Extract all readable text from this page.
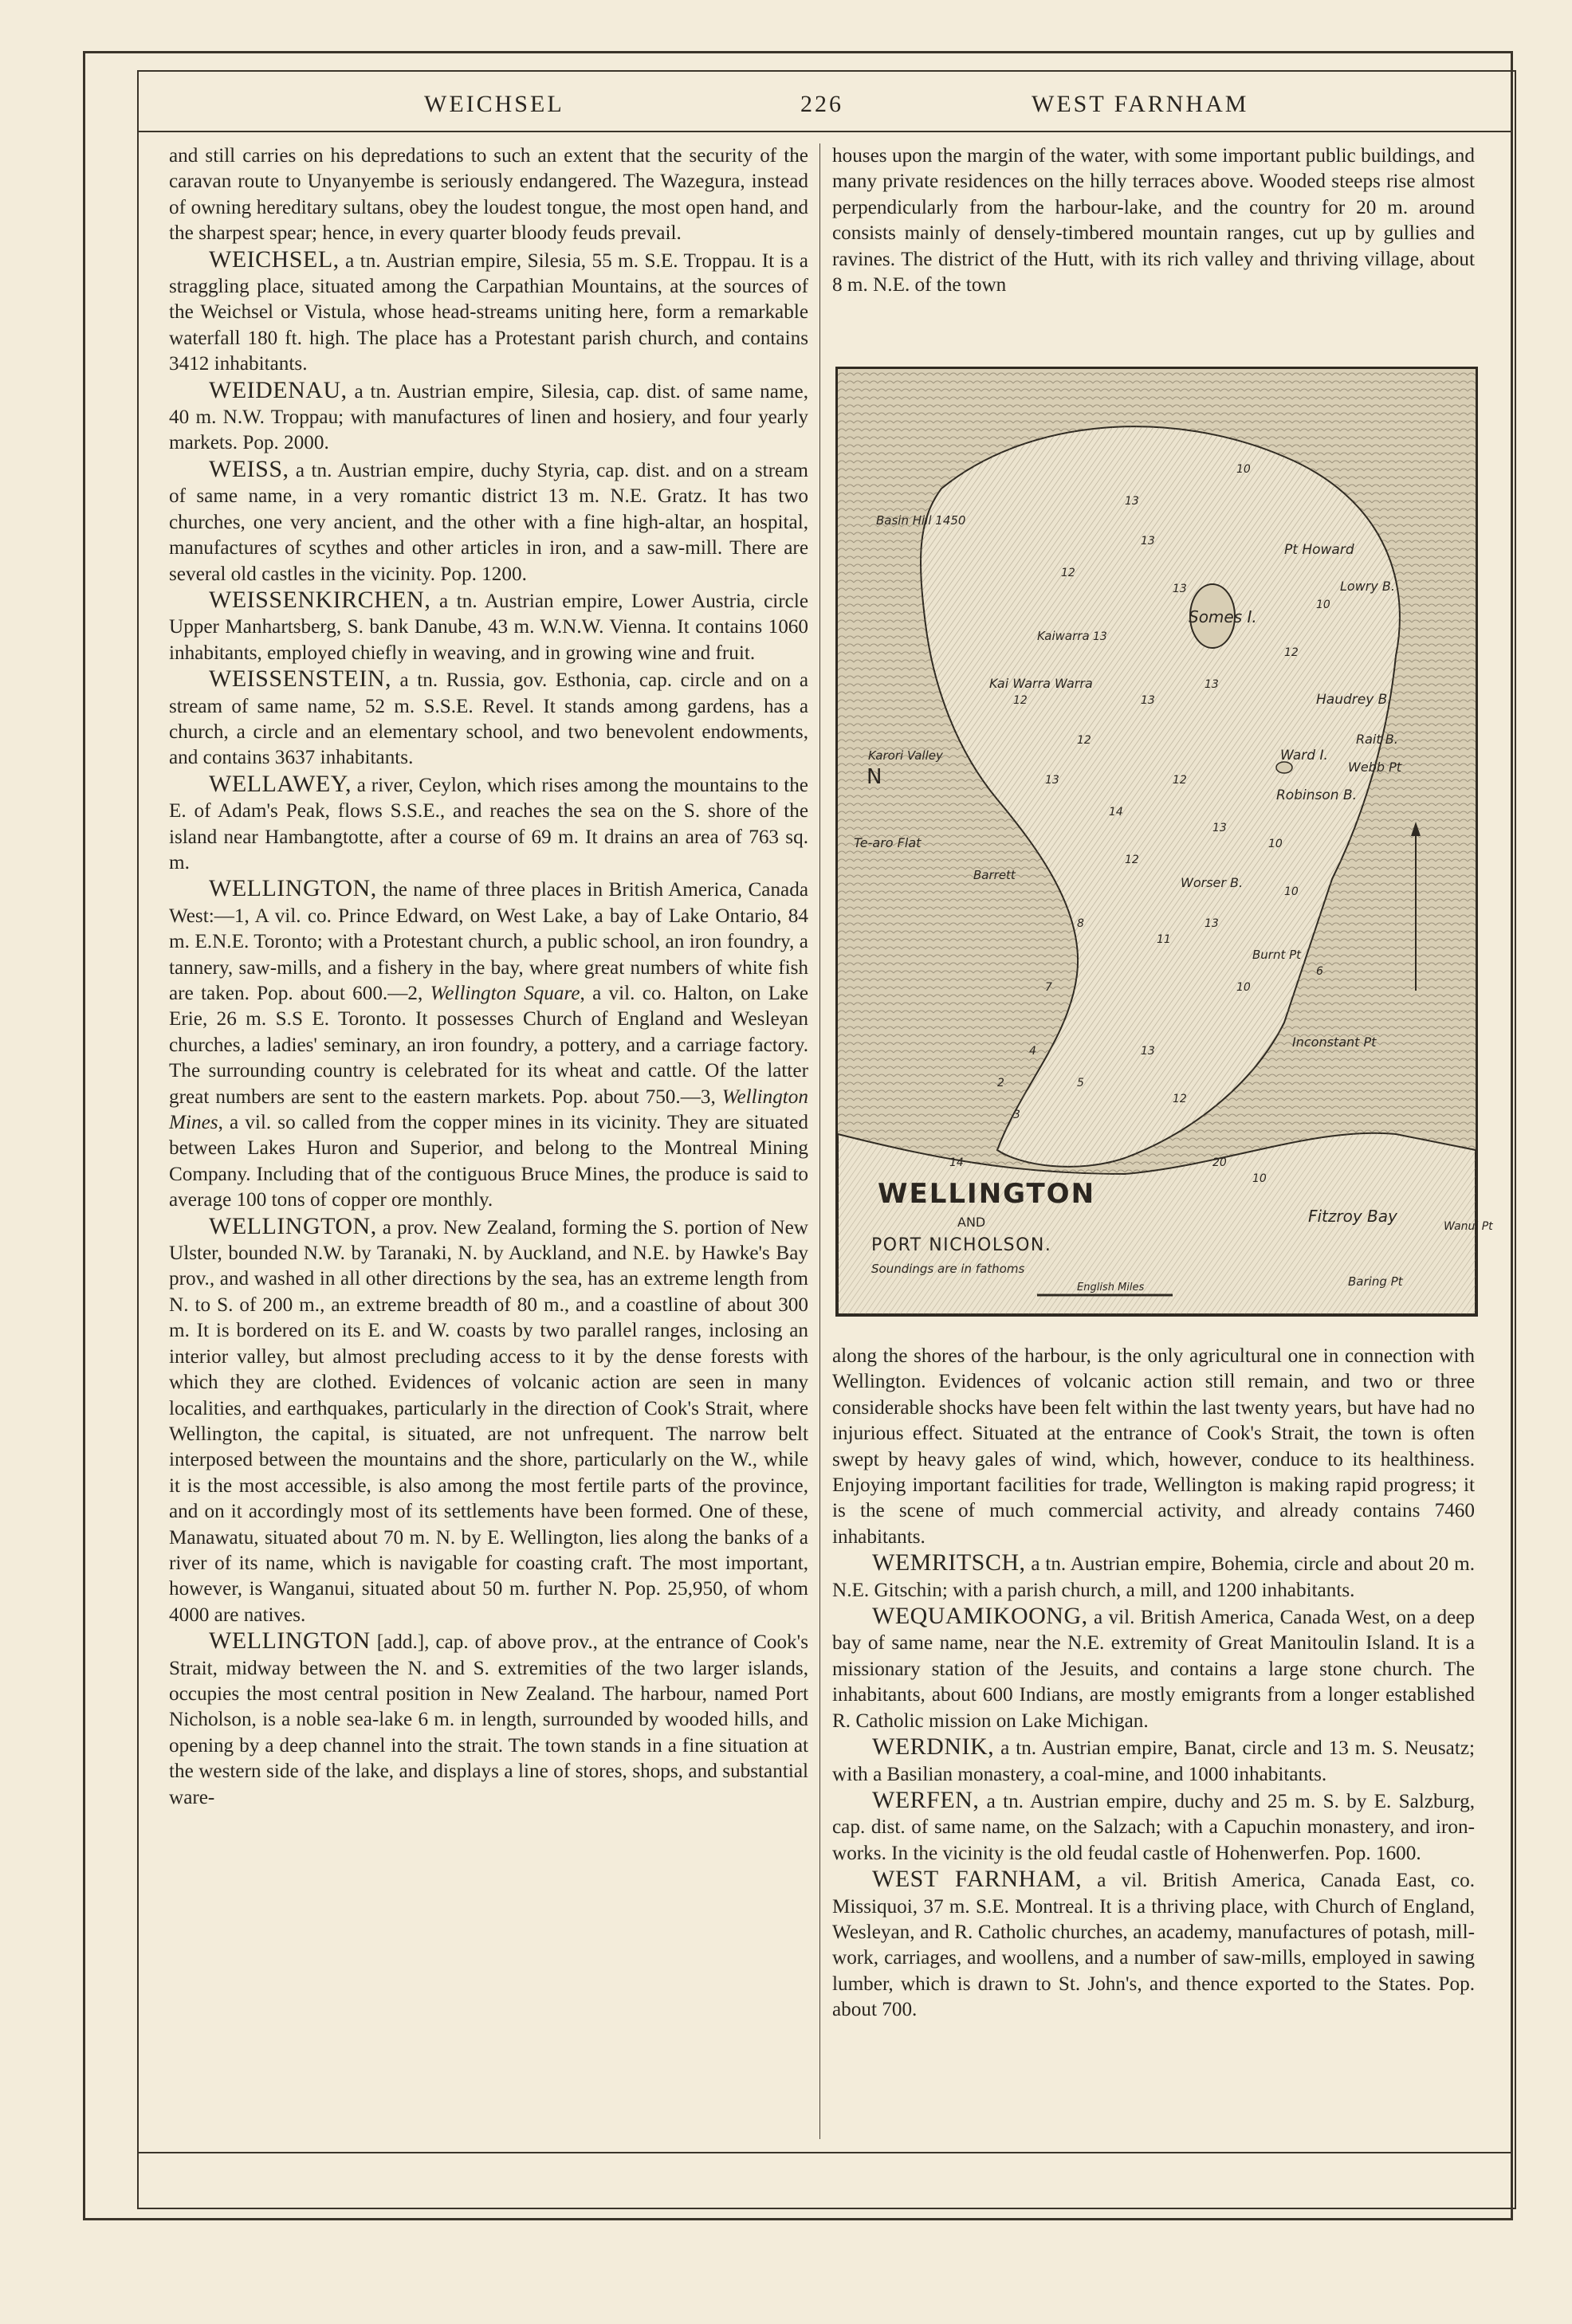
WEICHSEL	226	WEST FARNHAM

and still carries on his depredations to such an extent that the security of the caravan route to Unyanyembe is seriously endangered. The Wazegura, instead of owning hereditary sultans, obey the loudest tongue, the most open hand, and the sharpest spear; hence, in every quarter bloody feuds prevail.

WEICHSEL, a tn. Austrian empire, Silesia, 55 m. S.E. Troppau. It is a straggling place, situated among the Carpathian Mountains, at the sources of the Weichsel or Vistula, whose head-streams uniting here, form a remarkable waterfall 180 ft. high. The place has a Protestant parish church, and contains 3412 inhabitants.

WEIDENAU, a tn. Austrian empire, Silesia, cap. dist. of same name, 40 m. N.W. Troppau; with manufactures of linen and hosiery, and four yearly markets. Pop. 2000.

WEISS, a tn. Austrian empire, duchy Styria, cap. dist. and on a stream of same name, in a very romantic district 13 m. N.E. Gratz. It has two churches, one very ancient, and the other with a fine high-altar, an hospital, manufactures of scythes and other articles in iron, and a saw-mill. There are several old castles in the vicinity. Pop. 1200.

WEISSENKIRCHEN, a tn. Austrian empire, Lower Austria, circle Upper Manhartsberg, S. bank Danube, 43 m. W.N.W. Vienna. It contains 1060 inhabitants, employed chiefly in weaving, and in growing wine and fruit.

WEISSENSTEIN, a tn. Russia, gov. Esthonia, cap. circle and on a stream of same name, 52 m. S.S.E. Revel. It stands among gardens, has a church, a circle and an elementary school, and two benevolent endowments, and contains 3637 inhabitants.

WELLAWEY, a river, Ceylon, which rises among the mountains to the E. of Adam's Peak, flows S.S.E., and reaches the sea on the S. shore of the island near Hambangtotte, after a course of 69 m. It drains an area of 763 sq. m.

WELLINGTON, the name of three places in British America, Canada West:—1, A vil. co. Prince Edward, on West Lake, a bay of Lake Ontario, 84 m. E.N.E. Toronto; with a Protestant church, a public school, an iron foundry, a tannery, saw-mills, and a fishery in the bay, where great numbers of white fish are taken. Pop. about 600.—2, Wellington Square, a vil. co. Halton, on Lake Erie, 26 m. S.S E. Toronto. It possesses Church of England and Wesleyan churches, a ladies' seminary, an iron foundry, a pottery, and a carriage factory. The surrounding country is celebrated for its wheat and cattle. Of the latter great numbers are sent to the eastern markets. Pop. about 750.—3, Wellington Mines, a vil. so called from the copper mines in its vicinity. They are situated between Lakes Huron and Superior, and belong to the Montreal Mining Company. Including that of the contiguous Bruce Mines, the produce is said to average 100 tons of copper ore monthly.

WELLINGTON, a prov. New Zealand, forming the S. portion of New Ulster, bounded N.W. by Taranaki, N. by Auckland, and N.E. by Hawke's Bay prov., and washed in all other directions by the sea, has an extreme length from N. to S. of 200 m., an extreme breadth of 80 m., and a coastline of about 300 m. It is bordered on its E. and W. coasts by two parallel ranges, inclosing an interior valley, but almost precluding access to it by the dense forests with which they are clothed. Evidences of volcanic action are seen in many localities, and earthquakes, particularly in the direction of Cook's Strait, where Wellington, the capital, is situated, are not unfrequent. The narrow belt interposed between the mountains and the shore, particularly on the W., while it is the most accessible, is also among the most fertile parts of the province, and on it accordingly most of its settlements have been formed. One of these, Manawatu, situated about 70 m. N. by E. Wellington, lies along the banks of a river of its name, which is navigable for coasting craft. The most important, however, is Wanganui, situated about 50 m. further N. Pop. 25,950, of whom 4000 are natives.

WELLINGTON [add.], cap. of above prov., at the entrance of Cook's Strait, midway between the N. and S. extremities of the two larger islands, occupies the most central position in New Zealand. The harbour, named Port Nicholson, is a noble sea-lake 6 m. in length, surrounded by wooded hills, and opening by a deep channel into the strait. The town stands in a fine situation at the western side of the lake, and displays a line of stores, shops, and substantial ware-

houses upon the margin of the water, with some important public buildings, and many private residences on the hilly terraces above. Wooded steeps rise almost perpendicularly from the harbour-lake, and the country for 20 m. around consists mainly of densely-timbered mountain ranges, cut up by gullies and ravines. The district of the Hutt, with its rich valley and thriving village, about 8 m. N.E. of the town

Somes I.
Pt Howard
Lowry B.
Kai Warra Warra
Kaiwarra
Haudrey B.
Rait B.
Webb Pt
Ward I.
Robinson B.
Karori Valley
Te-aro Flat
Barrett	Worser B.
Burnt Pt
Inconstant Pt
Fitzroy Bay
Baring Pt
Basin Hill 1450
Wanui Pt
10
13
12
13
13
13
12
12
13
13
12
10
12
14
13
13
12
10
8
11
13
10
10
6
7
4
2
3
5
14
12
20
10
13
WELLINGTON
AND
PORT NICHOLSON.
Soundings are in fathoms
English Miles
N

along the shores of the harbour, is the only agricultural one in connection with Wellington. Evidences of volcanic action still remain, and two or three considerable shocks have been felt within the last twenty years, but have had no injurious effect. Situated at the entrance of Cook's Strait, the town is often swept by heavy gales of wind, which, however, conduce to its healthiness. Enjoying important facilities for trade, Wellington is making rapid progress; it is the scene of much commercial activity, and already contains 7460 inhabitants.

WEMRITSCH, a tn. Austrian empire, Bohemia, circle and about 20 m. N.E. Gitschin; with a parish church, a mill, and 1200 inhabitants.

WEQUAMIKOONG, a vil. British America, Canada West, on a deep bay of same name, near the N.E. extremity of Great Manitoulin Island. It is a missionary station of the Jesuits, and contains a large stone church. The inhabitants, about 600 Indians, are mostly emigrants from a longer established R. Catholic mission on Lake Michigan.

WERDNIK, a tn. Austrian empire, Banat, circle and 13 m. S. Neusatz; with a Basilian monastery, a coal-mine, and 1000 inhabitants.

WERFEN, a tn. Austrian empire, duchy and 25 m. S. by E. Salzburg, cap. dist. of same name, on the Salzach; with a Capuchin monastery, and iron-works. In the vicinity is the old feudal castle of Hohenwerfen. Pop. 1600.

WEST FARNHAM, a vil. British America, Canada East, co. Missiquoi, 37 m. S.E. Montreal. It is a thriving place, with Church of England, Wesleyan, and R. Catholic churches, an academy, manufactures of potash, mill-work, carriages, and woollens, and a number of saw-mills, employed in sawing lumber, which is drawn to St. John's, and thence exported to the States. Pop. about 700.
